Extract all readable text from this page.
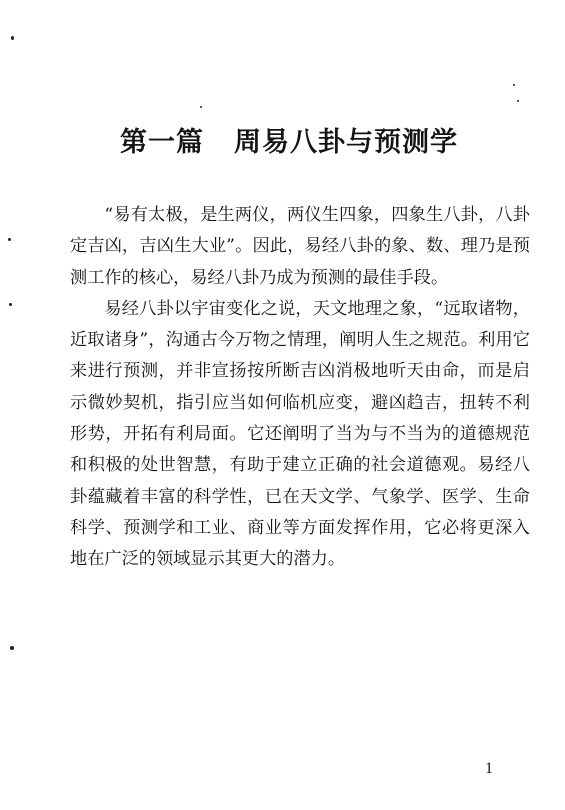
第一篇 周易八卦与预测学

“易有太极，是生两仪，两仪生四象，四象生八卦，八卦定吉凶，吉凶生大业”。因此，易经八卦的象、数、理乃是预测工作的核心，易经八卦乃成为预测的最佳手段。

易经八卦以宇宙变化之说，天文地理之象，“远取诸物，近取诸身”，沟通古今万物之情理，阐明人生之规范。利用它来进行预测，并非宣扬按所断吉凶消极地听天由命，而是启示微妙契机，指引应当如何临机应变，避凶趋吉，扭转不利形势，开拓有利局面。它还阐明了当为与不当为的道德规范和积极的处世智慧，有助于建立正确的社会道德观。易经八卦蕴藏着丰富的科学性，已在天文学、气象学、医学、生命科学、预测学和工业、商业等方面发挥作用，它必将更深入地在广泛的领域显示其更大的潜力。

1
